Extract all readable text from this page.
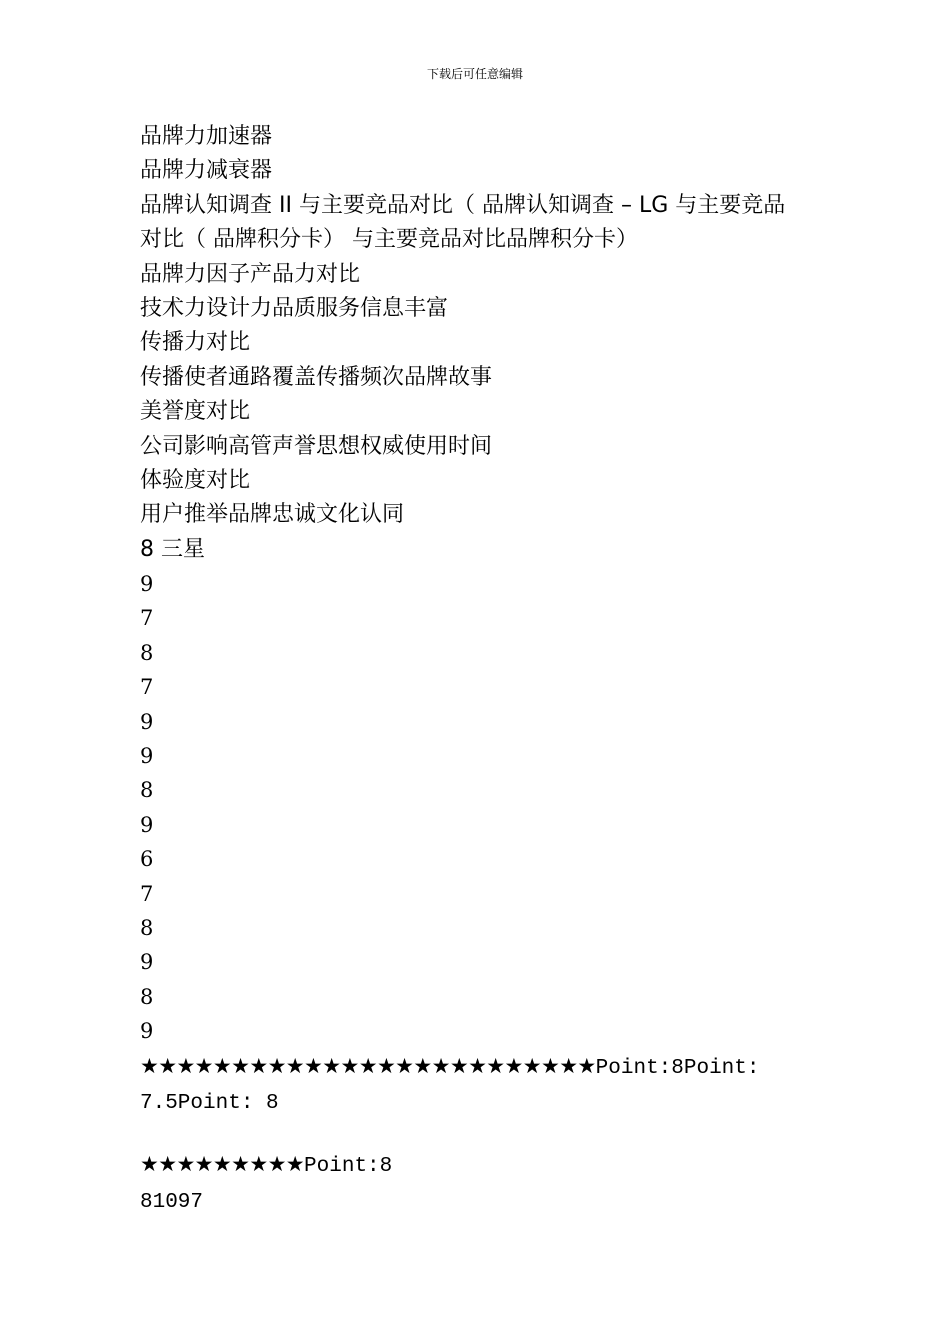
下载后可任意编辑
品牌力加速器
品牌力减衰器
品牌认知调查 II 与主要竞品对比（ 品牌认知调查 – LG 与主要竞品
对比（ 品牌积分卡） 与主要竞品对比品牌积分卡）
品牌力因子产品力对比
技术力设计力品质服务信息丰富
传播力对比
传播使者通路覆盖传播频次品牌故事
美誉度对比
公司影响高管声誉思想权威使用时间
体验度对比
用户推举品牌忠诚文化认同
8 三星
9
7
8
7
9
9
8
9
6
7
8
9
8
9
★★★★★★★★★★★★★★★★★★★★★★★★★Point:8Point:
7.5Point: 8
★★★★★★★★★Point:8
81097
